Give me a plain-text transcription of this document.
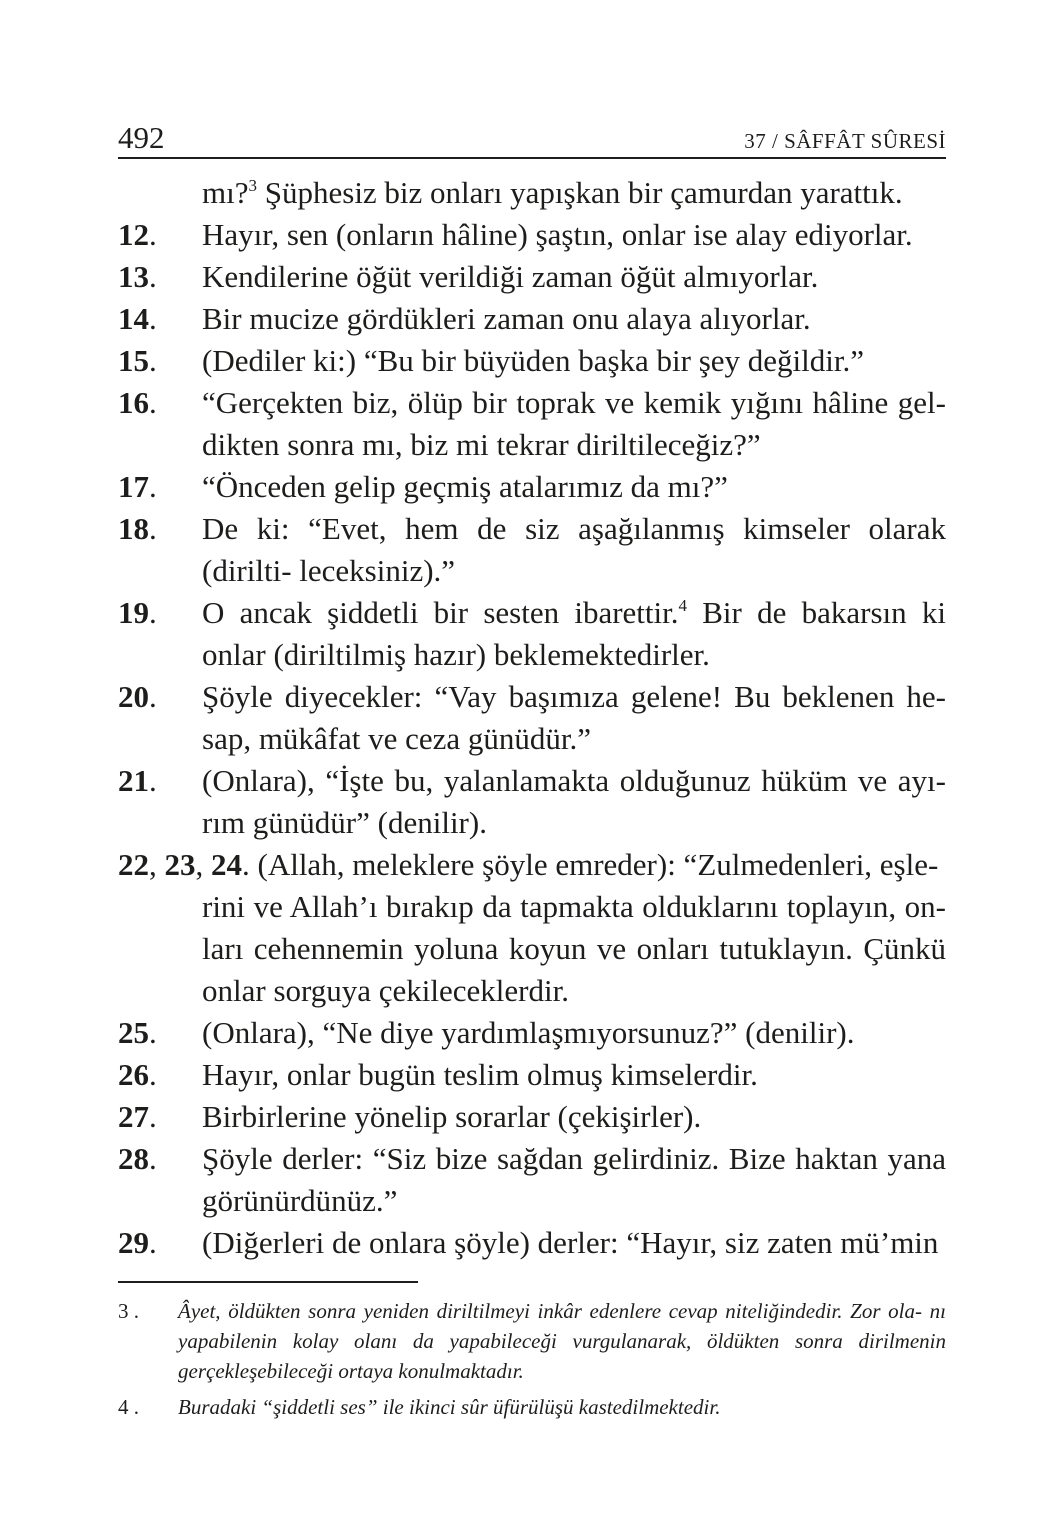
492	37 / SÂFFÂT SÛRESİ
mı?$^3$ Şüphesiz biz onları yapışkan bir çamurdan yarattık.
12. Hayır, sen (onların hâline) şaştın, onlar ise alay ediyorlar.
13. Kendilerine öğüt verildiği zaman öğüt almıyorlar.
14. Bir mucize gördükleri zaman onu alaya alıyorlar.
15. (Dediler ki:) “Bu bir büyüden başka bir şey değildir.”
16. “Gerçekten biz, ölüp bir toprak ve kemik yığını hâline gel- dikten sonra mı, biz mi tekrar diriltileceğiz?”
17. “Önceden gelip geçmiş atalarımız da mı?”
18. De ki: “Evet, hem de siz aşağılanmış kimseler olarak (dirilti- leceksiniz).”
19. O ancak şiddetli bir sesten ibarettir.$^4$ Bir de bakarsın ki onlar (diriltilmiş hazır) beklemektedirler.
20. Şöyle diyecekler: “Vay başımıza gelene! Bu beklenen he- sap, mükâfat ve ceza günüdür.”
21. (Onlara), “İşte bu, yalanlamakta olduğunuz hüküm ve ayı- rım günüdür” (denilir).
22, 23, 24. (Allah, meleklere şöyle emreder): “Zulmedenleri, eşle-
rini ve Allah’ı bırakıp da tapmakta olduklarını toplayın, on- ları cehennemin yoluna koyun ve onları tutuklayın. Çünkü onlar sorguya çekileceklerdir.
25. (Onlara), “Ne diye yardımlaşmıyorsunuz?” (denilir).
26. Hayır, onlar bugün teslim olmuş kimselerdir.
27. Birbirlerine yönelip sorarlar (çekişirler).
28. Şöyle derler: “Siz bize sağdan gelirdiniz. Bize haktan yana görünürdünüz.”
29. (Diğerleri de onlara şöyle) derler: “Hayır, siz zaten mü’min
3 . Âyet, öldükten sonra yeniden diriltilmeyi inkâr edenlere cevap niteliğindedir. Zor ola- nı yapabilenin kolay olanı da yapabileceği vurgulanarak, öldükten sonra dirilmenin gerçekleşebileceği ortaya konulmaktadır.
4 . Buradaki “şiddetli ses” ile ikinci sûr üfürülüşü kastedilmektedir.
